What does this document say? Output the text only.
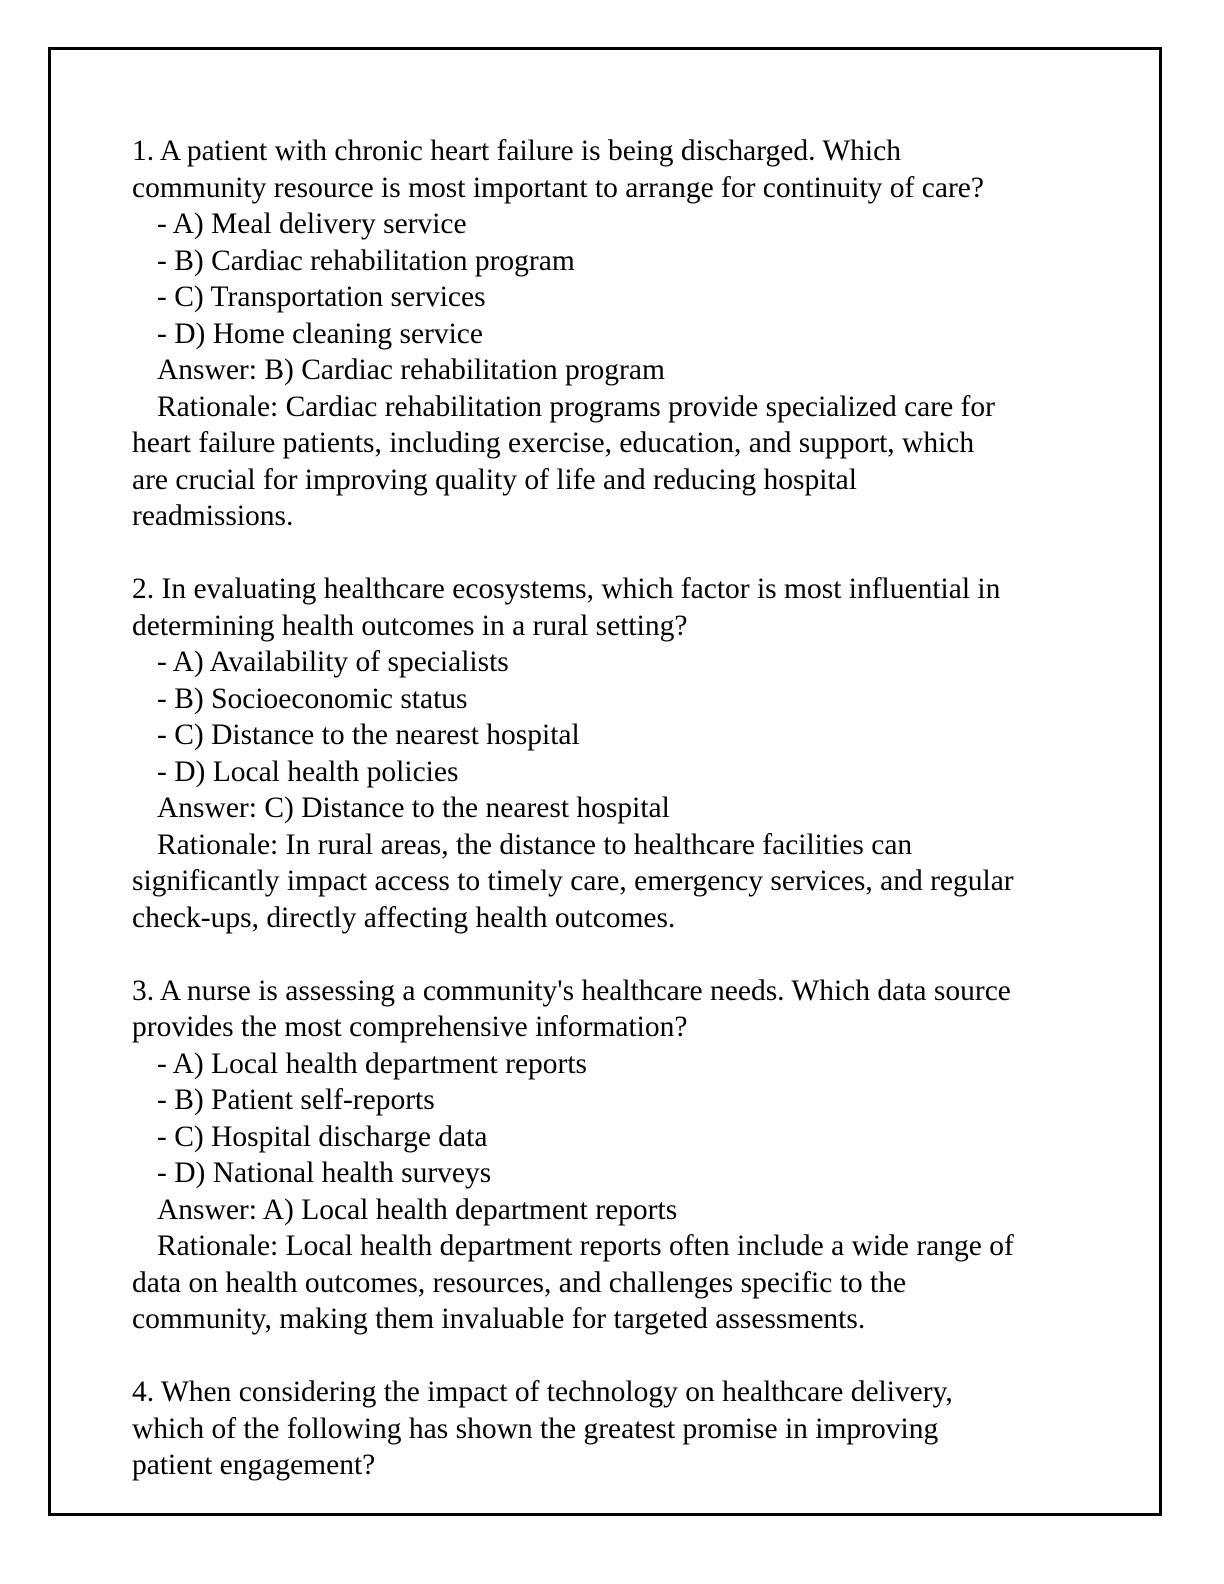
1. A patient with chronic heart failure is being discharged. Which
community resource is most important to arrange for continuity of care?
- A) Meal delivery service
- B) Cardiac rehabilitation program
- C) Transportation services
- D) Home cleaning service
Answer: B) Cardiac rehabilitation program
Rationale: Cardiac rehabilitation programs provide specialized care for
heart failure patients, including exercise, education, and support, which
are crucial for improving quality of life and reducing hospital
readmissions.
2. In evaluating healthcare ecosystems, which factor is most influential in
determining health outcomes in a rural setting?
- A) Availability of specialists
- B) Socioeconomic status
- C) Distance to the nearest hospital
- D) Local health policies
Answer: C) Distance to the nearest hospital
Rationale: In rural areas, the distance to healthcare facilities can
significantly impact access to timely care, emergency services, and regular
check-ups, directly affecting health outcomes.
3. A nurse is assessing a community's healthcare needs. Which data source
provides the most comprehensive information?
- A) Local health department reports
- B) Patient self-reports
- C) Hospital discharge data
- D) National health surveys
Answer: A) Local health department reports
Rationale: Local health department reports often include a wide range of
data on health outcomes, resources, and challenges specific to the
community, making them invaluable for targeted assessments.
4. When considering the impact of technology on healthcare delivery,
which of the following has shown the greatest promise in improving
patient engagement?
